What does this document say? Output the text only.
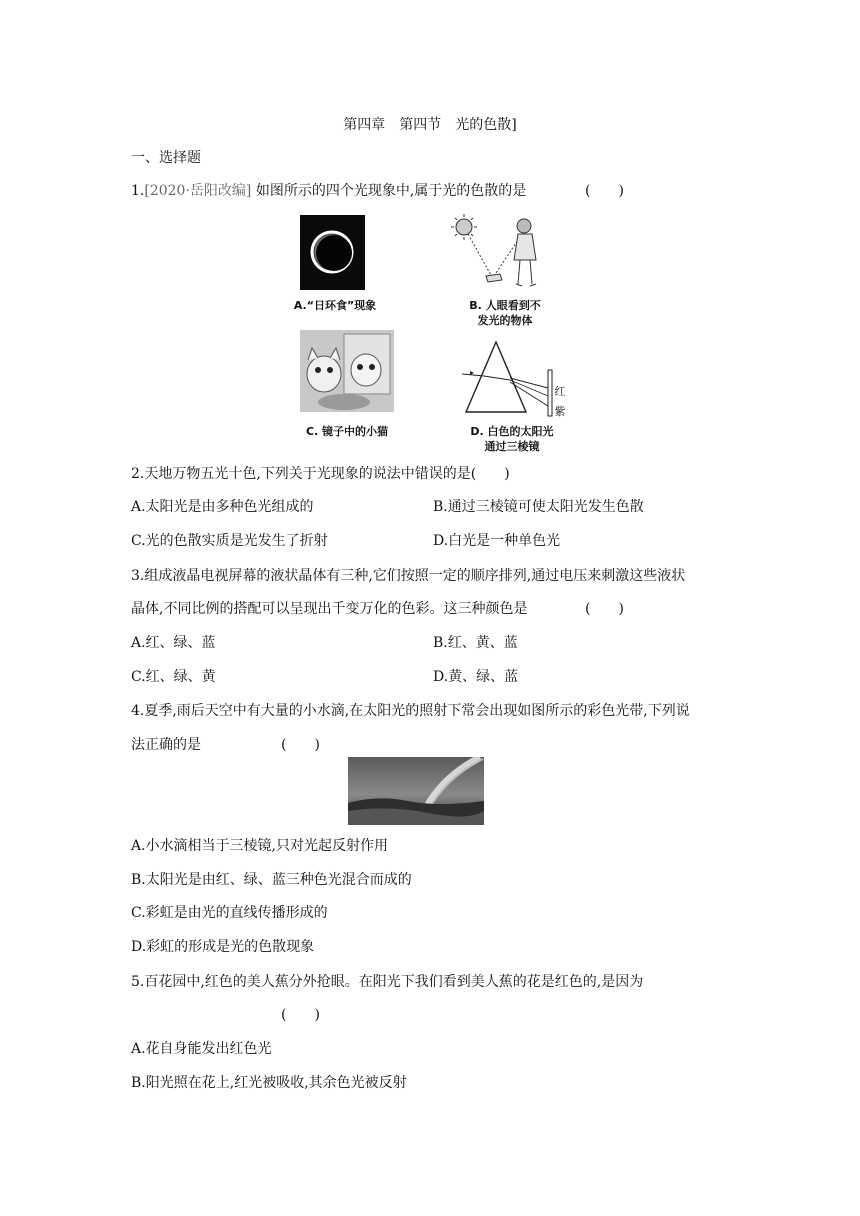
第四章　第四节　光的色散]
一、选择题
1.[2020·岳阳改编] 如图所示的四个光现象中,属于光的色散的是	(　　)
A.“日环食”现象	B. 人眼看到不
发光的物体
C. 镜子中的小猫
红
紫
D. 白色的太阳光
通过三棱镜
2.天地万物五光十色,下列关于光现象的说法中错误的是(　　)
A.太阳光是由多种色光组成的	B.通过三棱镜可使太阳光发生色散
C.光的色散实质是光发生了折射	D.白光是一种单色光
3.组成液晶电视屏幕的液状晶体有三种,它们按照一定的顺序排列,通过电压来刺激这些液状
晶体,不同比例的搭配可以呈现出千变万化的色彩。这三种颜色是	(　　)
A.红、绿、蓝	B.红、黄、蓝
C.红、绿、黄	D.黄、绿、蓝
4.夏季,雨后天空中有大量的小水滴,在太阳光的照射下常会出现如图所示的彩色光带,下列说
法正确的是	(　　)
A.小水滴相当于三棱镜,只对光起反射作用
B.太阳光是由红、绿、蓝三种色光混合而成的
C.彩虹是由光的直线传播形成的
D.彩虹的形成是光的色散现象
5.百花园中,红色的美人蕉分外抢眼。在阳光下我们看到美人蕉的花是红色的,是因为
(　　)
A.花自身能发出红色光
B.阳光照在花上,红光被吸收,其余色光被反射
